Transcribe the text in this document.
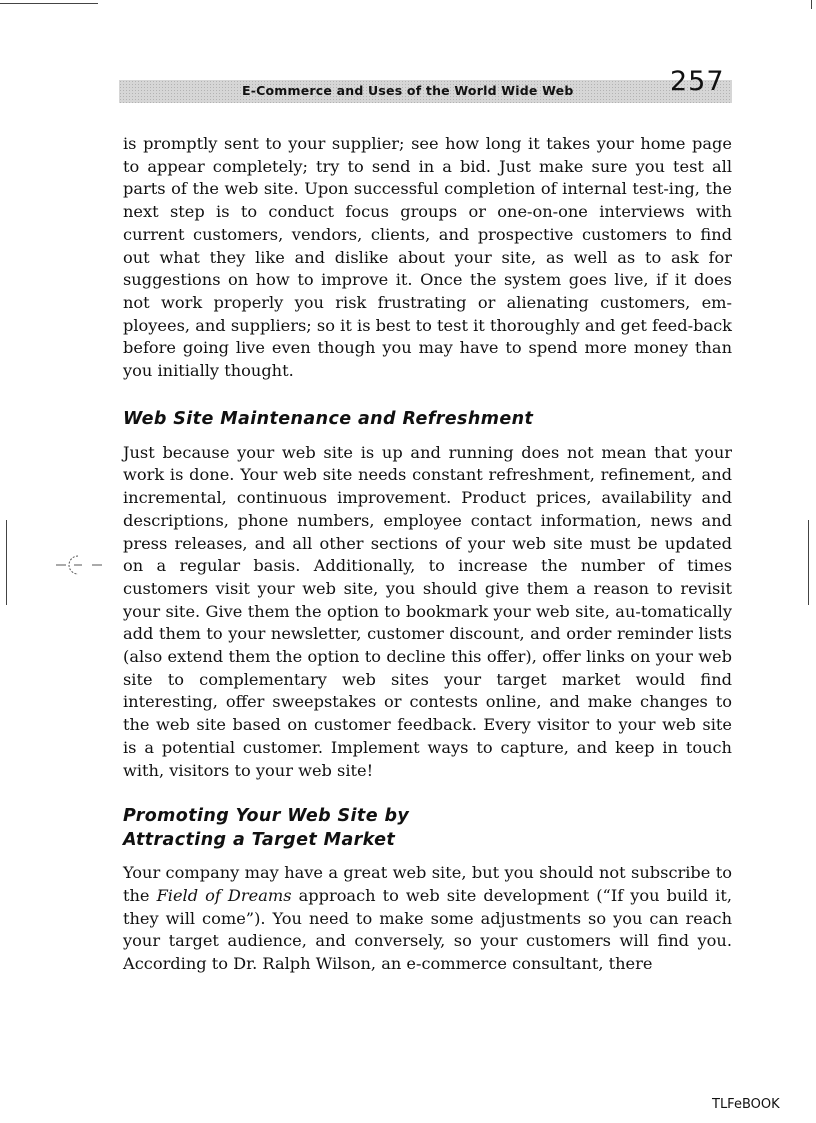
E-Commerce and Uses of the World Wide Web	257

is promptly sent to your supplier; see how long it takes your home page to appear completely; try to send in a bid. Just make sure you test all parts of the web site. Upon successful completion of internal test-ing, the next step is to conduct focus groups or one-on-one interviews with current customers, vendors, clients, and prospective customers to find out what they like and dislike about your site, as well as to ask for suggestions on how to improve it. Once the system goes live, if it does not work properly you risk frustrating or alienating customers, em-ployees, and suppliers; so it is best to test it thoroughly and get feed-back before going live even though you may have to spend more money than you initially thought.

Web Site Maintenance and Refreshment

Just because your web site is up and running does not mean that your work is done. Your web site needs constant refreshment, refinement, and incremental, continuous improvement. Product prices, availability and descriptions, phone numbers, employee contact information, news and press releases, and all other sections of your web site must be updated on a regular basis. Additionally, to increase the number of times customers visit your web site, you should give them a reason to revisit your site. Give them the option to bookmark your web site, au-tomatically add them to your newsletter, customer discount, and order reminder lists (also extend them the option to decline this offer), offer links on your web site to complementary web sites your target market would find interesting, offer sweepstakes or contests online, and make changes to the web site based on customer feedback. Every visitor to your web site is a potential customer. Implement ways to capture, and keep in touch with, visitors to your web site!

Promoting Your Web Site by
Attracting a Target Market

Your company may have a great web site, but you should not subscribe to the Field of Dreams approach to web site development (“If you build it, they will come”). You need to make some adjustments so you can reach your target audience, and conversely, so your customers will find you. According to Dr. Ralph Wilson, an e-commerce consultant, there

TLFeBOOK
